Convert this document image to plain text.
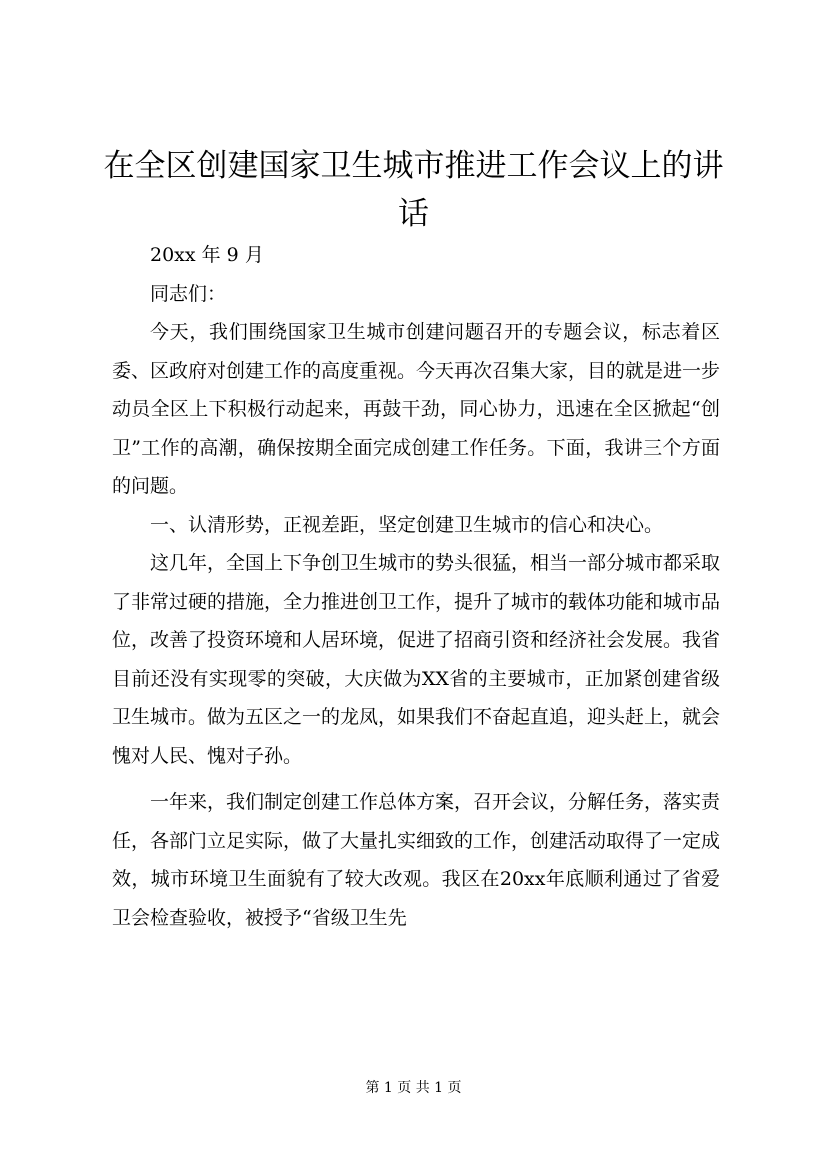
在全区创建国家卫生城市推进工作会议上的讲话

20xx 年 9 月

同志们：

今天，我们围绕国家卫生城市创建问题召开的专题会议，标志着区委、区政府对创建工作的高度重视。今天再次召集大家，目的就是进一步动员全区上下积极行动起来，再鼓干劲，同心协力，迅速在全区掀起“创卫”工作的高潮，确保按期全面完成创建工作任务。下面，我讲三个方面的问题。

一、认清形势，正视差距，坚定创建卫生城市的信心和决心。

这几年，全国上下争创卫生城市的势头很猛，相当一部分城市都采取了非常过硬的措施，全力推进创卫工作，提升了城市的载体功能和城市品位，改善了投资环境和人居环境，促进了招商引资和经济社会发展。我省目前还没有实现零的突破，大庆做为XX省的主要城市，正加紧创建省级卫生城市。做为五区之一的龙凤，如果我们不奋起直追，迎头赶上，就会愧对人民、愧对子孙。

一年来，我们制定创建工作总体方案，召开会议，分解任务，落实责任，各部门立足实际，做了大量扎实细致的工作，创建活动取得了一定成效，城市环境卫生面貌有了较大改观。我区在20xx年底顺利通过了省爱卫会检查验收，被授予“省级卫生先

第 1 页 共 1 页
